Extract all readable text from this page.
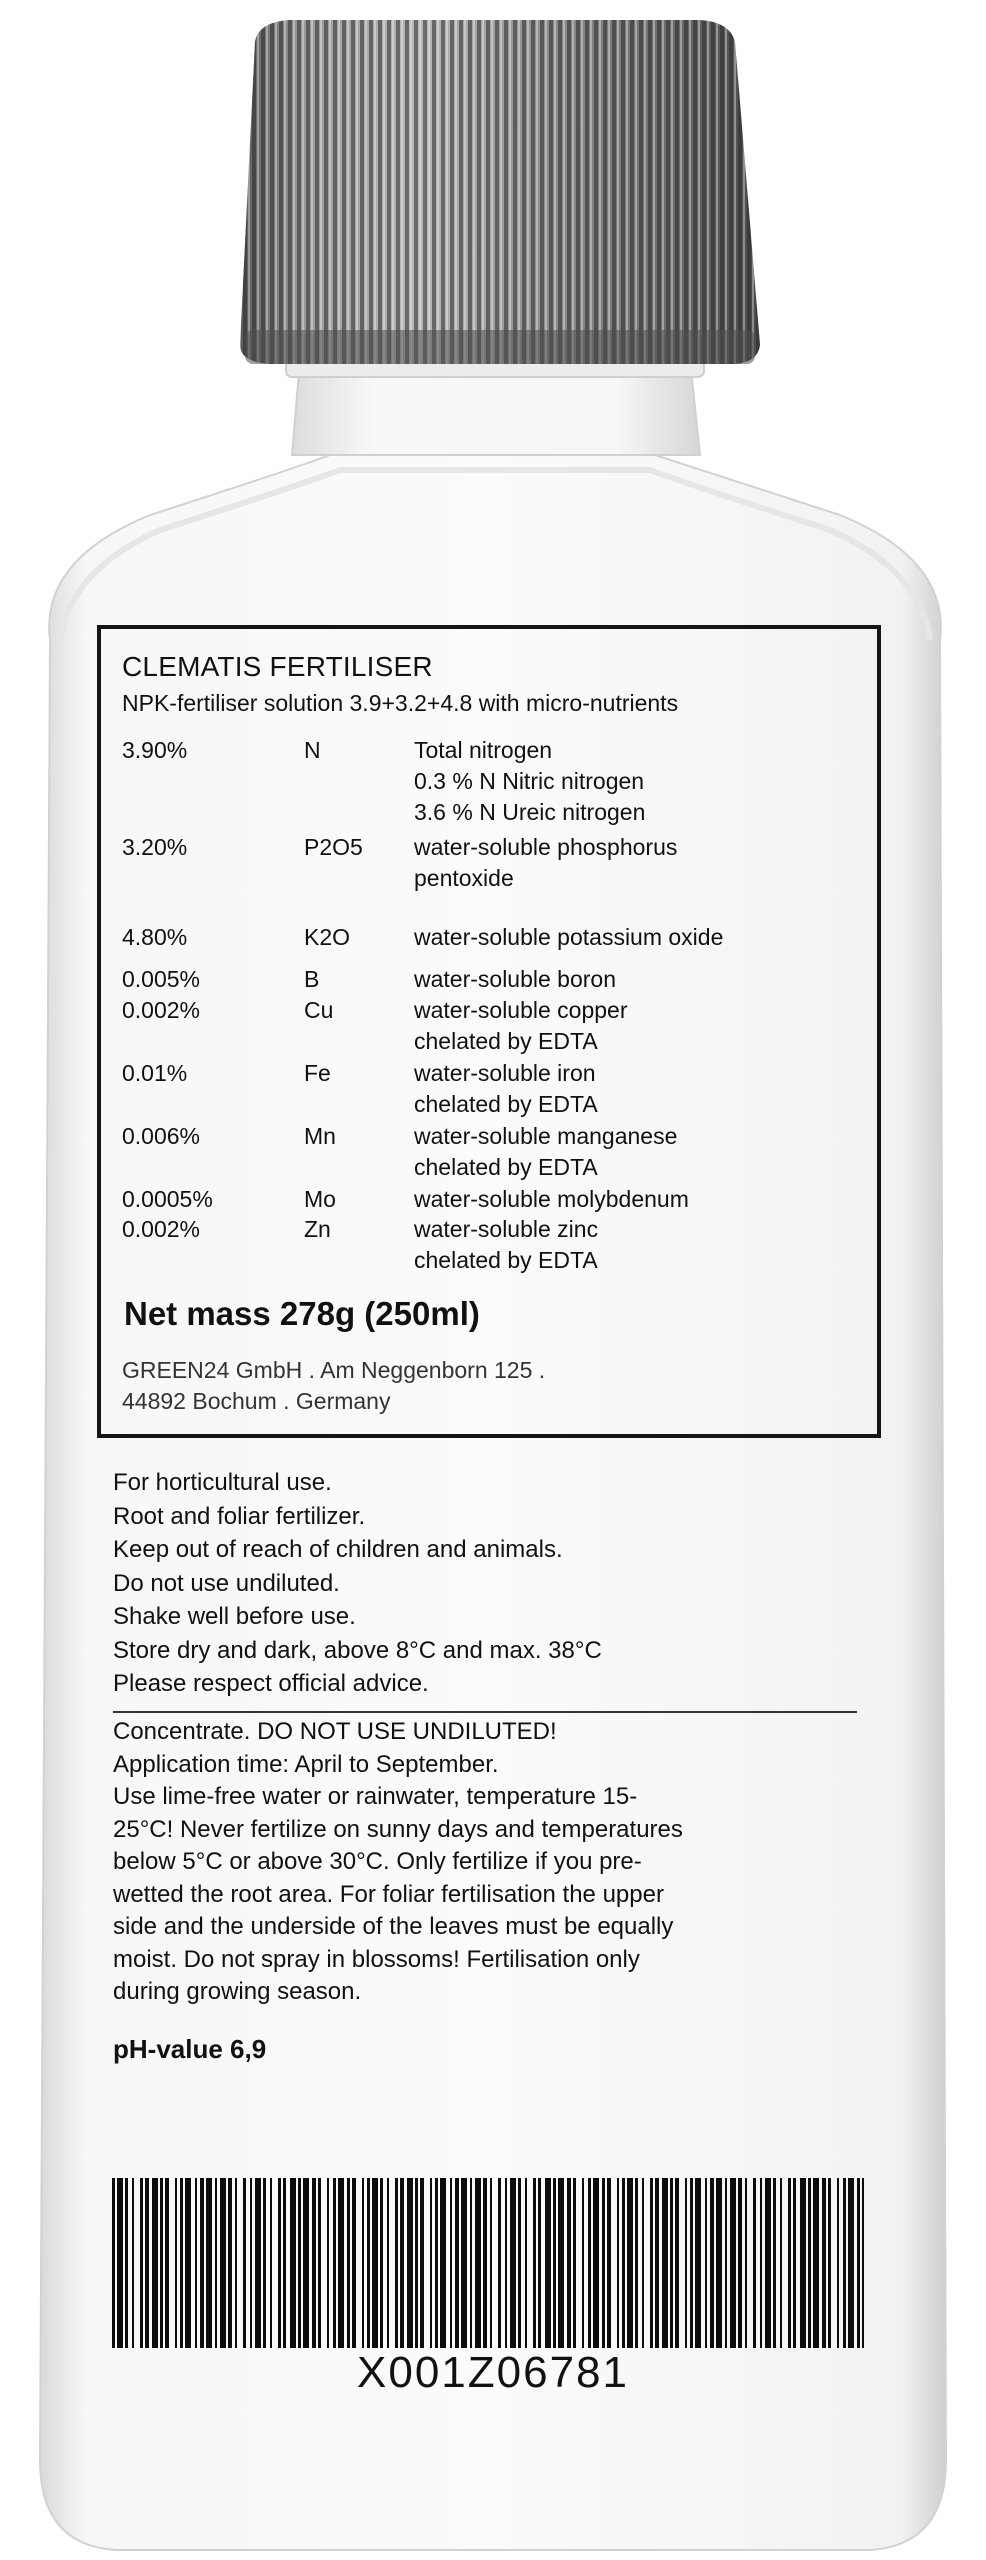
CLEMATIS FERTILISER
NPK-fertiliser solution 3.9+3.2+4.8 with micro-nutrients
3.90%	N	Total nitrogen
0.3 % N Nitric nitrogen
3.6 % N Ureic nitrogen
3.20%	P2O5 water-soluble phosphorus
pentoxide
4.80%	K2O	water-soluble potassium oxide
0.005%	B	water-soluble boron
0.002%	Cu	water-soluble copper
chelated by EDTA
0.01%	Fe	water-soluble iron
chelated by EDTA
0.006%	Mn	water-soluble manganese
chelated by EDTA
0.0005%	Mo	water-soluble molybdenum
0.002%	Zn	water-soluble zinc
chelated by EDTA
Net mass 278g (250ml)
GREEN24 GmbH . Am Neggenborn 125 .
44892 Bochum . Germany
For horticultural use.
Root and foliar fertilizer.
Keep out of reach of children and animals.
Do not use undiluted.
Shake well before use.
Store dry and dark, above 8°C and max. 38°C
Please respect official advice.
Concentrate. DO NOT USE UNDILUTED!
Application time: April to September.
Use lime-free water or rainwater, temperature 15-
25°C! Never fertilize on sunny days and temperatures
below 5°C or above 30°C. Only fertilize if you pre-
wetted the root area. For foliar fertilisation the upper
side and the underside of the leaves must be equally
moist. Do not spray in blossoms! Fertilisation only
during growing season.
pH-value 6,9
X001Z06781
